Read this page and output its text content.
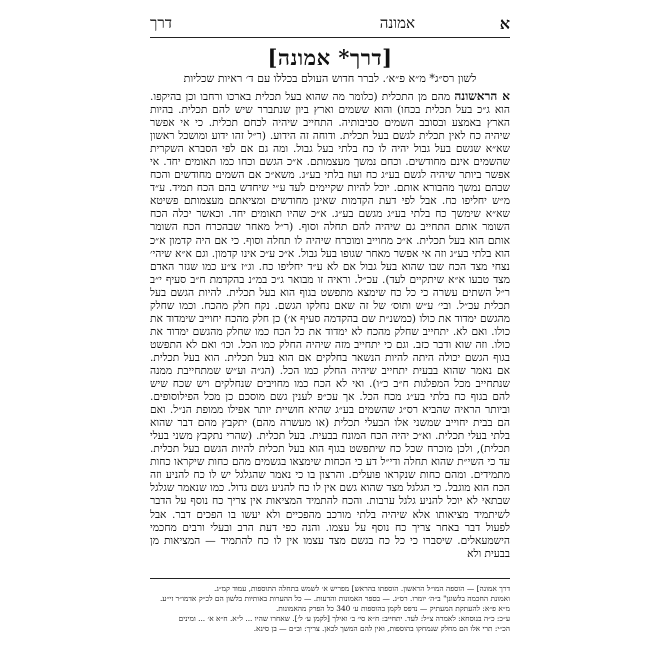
א
אמונה
דרך
[דרך* אמונה]
לשון רס״ג* מ״א פ״א׳. לברר חדוש העולם בכללו עם ד׳ ראיות שכליות

א הראשונה מהם מן התכלית (כלומר מה שהוא בעל תכלית בארכו ורחבו וכן בהיקפו. הוא ג״כ בעל תכלית בכחו) והוא ששמים וארץ ביון שנתברר שיש להם תכלית. בהיות הארץ באמצע ובסובב השמים סביבותיה. התחייב שיהיה לכחם תכלית. כי אי אפשר שיהיה כח לאין תכלית לגשם בעל תכלית. ודוחה זה הידוע. (ר״ל זהו ידוע ומושכל ראשון שא״א שגשם בעל גבול יהיה לו כח בלתי בעל גבול. ומה גם אם לפי הסברא השקרית שהשמים אינם מחודשים. וכחם נמשך מעצמותם. א״כ הגשם וכחו כמו תאומים יחד. אי אפשר ביותר שיהיה לגשם בע״ג כח ועוז בלתי בע״ג. משא״כ אם השמים מחודשים והכח שבהם נמשך מהבורא אותם. יוכל להיות שקיימים לעד ע״י שיחדש בהם הכח תמיד. ע״ד מ״ש יחליפו כח. אבל לפי דעת הקדמות שאינן מחודשים ומציאתם מעצמותם פשיטא שא״א שימשך כח בלתי בע״ג מגשם בע״ג. א״כ שהיו תאומים יחד. וכאשר יכלה הכח השומר אותם התחייב גם שיהיה להם תחלה וסוף. (ר״ל מאחר שבהכרח הכח השומר אותם הוא בעל תכלית. א״כ מחוייב ומוכרח שיהיה לו תחלה וסוף. כי אם היה קדמון א״כ הוא בלתי בע״ג וזה אי אפשר מאחר שגופו בעל גבול. א״כ ע״כ אינו קדמון. וגם א״א שיהי׳ נצחי מצד הכח שבו שהוא בעל גבול אם לא ע״ד יחליפו כח. וג״ז צ״ע כמו שגזר האדם מצד טבעו א״א שיתקיים לעד). עכ״ל. וראיה זו מבואר ג״כ במ״נ בהקדמת ח״ב סעיף י״ב ר״ל השתים עשרה כי כל כח שימצא מתפשט בגוף הוא בעל תכלית. להיות הגשם בעל תכלית עכ״ל. ובי׳ ע״ש ותוס׳ של זה שאם נחלקו הגשם. נקח חלק מהכח. וכמו שחלק מהגשם ימדוד את כולו (כמשנ״ת שם בהקדמה סעיף א׳) כן חלק מהכח יחוייב שימדוד את כולו. ואם לא. יתחייב שחלק מהכח לא ימדוד את כל הכח כמו שחלק מהגשם ימדוד את כולו. וזה שוא ודבר כזב. וגם כי יתחייב מזה שיהיה החלק כמו הכל. וכו׳ ואם לא התפשט בגוף הגשם יכולה היתה להיות הנשאר בחלקים אם הוא בעל תכלית. הוא בעל תכלית. אם נאמר שהוא בבעית יתחייב שיהיה החלק כמו הכל. (הג״ה וע״ש שמתחייבת ממנה שנתחייב מכל המפלגות ח״ב כ״ו). ואי לא הכח כמו מחויבים שנחלקים ויש שכח שיש להם בגוף כח בלתי בע״ג מכח הכל. אך עכ״פ לענין גשם מוסכם כן מכל הפילוסופים. וביותר הראיה שהביא רס״ג שהשמים בע״ג שהיא חושיית יותר אפילו ממופת הנ״ל. ואם הם בבית יחוייב שמשני אלו הבעלי תכלית (או מעשרה מהם) יתקבץ מהם דבר שהוא בלתי בעלי תכלית. וא״כ יהיה הכח המונח בבעית. בעל תכלית. (שהרי נתקבץ משני בעלי תכלית), ולכן מוכרח שכל כח שיתפשט בגוף הוא בעל תכלית להיות הגשם בעל תכלית. עד כי השי״ת שהוא תחלה ודי״ל דע כי הכחות שימצאו בגשמים מהם כחות שיקראו כחות מתמידים. ומהם כחות שנקראו פועלים. והרצון בו כי נאמר שהגלגל יש לו כח להניע וזה הכח הוא מוגבל. כי הגלגל מצד שהוא גשם אין לו כח להניע גשם גדול. כמו שנאמר שגלגל שבתאי לא יוכל להניע גלגל ערבות. והכח להתמיד המציאות אין צריך כח נוסף על הדבר לשיתמיד מציאותו אלא שיהיה בלתי מורכב מהפכיים ולא יעשו בו הפכים דבר. אבל לפעול דבר באחר צריך כח נוסף על עצמו. והנה כפי דעת הרב ובעלי ורבים מחכמי הישמעאלים. שיסברו כי כל כח בגשם מצד עצמו אין לו כח להתמיד — המציאות מן בבעית ולא

דרך אמונה] — הוספה המו״ל הראשון. הוספתו בהראש] מפריש א׳ לשמש בתחלה התוספות, עמוד קמ״ג.

ואמונת החכמה בלשונן" ב״ה׳ יומרו. רס״ג. — בספר האמונות והדעות. — כל ההערות באותיות בלשון הם לכ״ק אדמו״ר זי״ע.

מ״א פ״א: להעתקת המעתיק — נדפס לקמן בהוספות ע׳ 340 כל הפרק מהאמונות.

ע״כ: כ״ה בנוסחא: לאמרה צ״ל: לעד. יתחייב: ח״א סי׳ ב׳ ואילך [לקמן ע׳ ל׳]. שאחרו שהיו ... ל״א. ח״א א׳ ... ומינים

הכ״י: תרי אלו הם מחלק שנמחקו בהוספות, ואין להם המשך לכאן. צריך: וב״ם — בן סינא.
